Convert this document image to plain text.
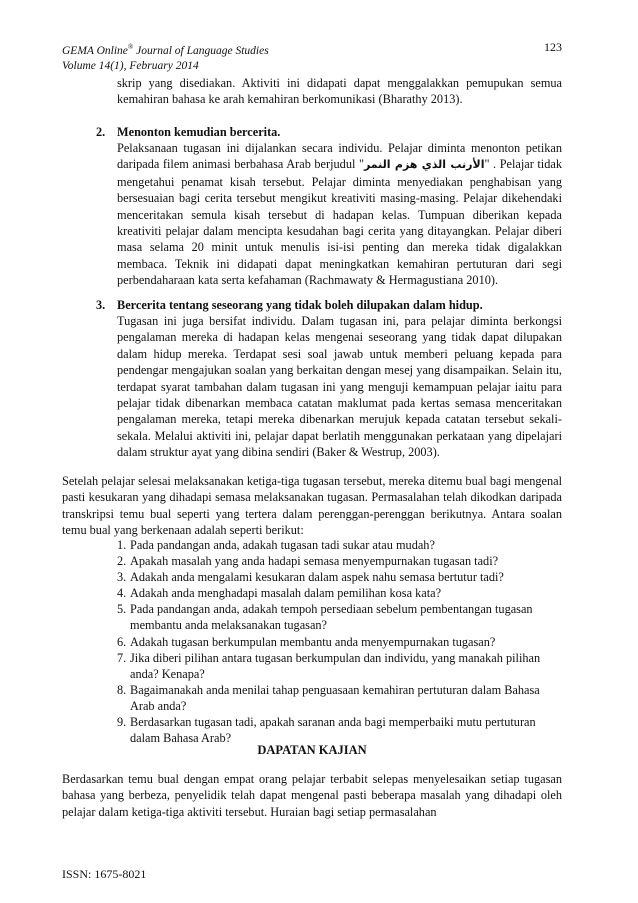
GEMA Online® Journal of Language Studies
Volume 14(1), February 2014
123

skrip yang disediakan. Aktiviti ini didapati dapat menggalakkan pemupukan semua kemahiran bahasa ke arah kemahiran berkomunikasi (Bharathy 2013).

2. Menonton kemudian bercerita.

Pelaksanaan tugasan ini dijalankan secara individu. Pelajar diminta menonton petikan daripada filem animasi berbahasa Arab berjudul "الأرنب الذي هزم النمر" . Pelajar tidak mengetahui penamat kisah tersebut. Pelajar diminta menyediakan penghabisan yang bersesuaian bagi cerita tersebut mengikut kreativiti masing-masing. Pelajar dikehendaki menceritakan semula kisah tersebut di hadapan kelas. Tumpuan diberikan kepada kreativiti pelajar dalam mencipta kesudahan bagi cerita yang ditayangkan. Pelajar diberi masa selama 20 minit untuk menulis isi-isi penting dan mereka tidak digalakkan membaca. Teknik ini didapati dapat meningkatkan kemahiran pertuturan dari segi perbendaharaan kata serta kefahaman (Rachmawaty & Hermagustiana 2010).

3. Bercerita tentang seseorang yang tidak boleh dilupakan dalam hidup.

Tugasan ini juga bersifat individu. Dalam tugasan ini, para pelajar diminta berkongsi pengalaman mereka di hadapan kelas mengenai seseorang yang tidak dapat dilupakan dalam hidup mereka. Terdapat sesi soal jawab untuk memberi peluang kepada para pendengar mengajukan soalan yang berkaitan dengan mesej yang disampaikan. Selain itu, terdapat syarat tambahan dalam tugasan ini yang menguji kemampuan pelajar iaitu para pelajar tidak dibenarkan membaca catatan maklumat pada kertas semasa menceritakan pengalaman mereka, tetapi mereka dibenarkan merujuk kepada catatan tersebut sekali-sekala. Melalui aktiviti ini, pelajar dapat berlatih menggunakan perkataan yang dipelajari dalam struktur ayat yang dibina sendiri (Baker & Westrup, 2003).

Setelah pelajar selesai melaksanakan ketiga-tiga tugasan tersebut, mereka ditemu bual bagi mengenal pasti kesukaran yang dihadapi semasa melaksanakan tugasan. Permasalahan telah dikodkan daripada transkripsi temu bual seperti yang tertera dalam perenggan-perenggan berikutnya. Antara soalan temu bual yang berkenaan adalah seperti berikut:

1. Pada pandangan anda, adakah tugasan tadi sukar atau mudah?
2. Apakah masalah yang anda hadapi semasa menyempurnakan tugasan tadi?
3. Adakah anda mengalami kesukaran dalam aspek nahu semasa bertutur tadi?
4. Adakah anda menghadapi masalah dalam pemilihan kosa kata?
5. Pada pandangan anda, adakah tempoh persediaan sebelum pembentangan tugasan membantu anda melaksanakan tugasan?
6. Adakah tugasan berkumpulan membantu anda menyempurnakan tugasan?
7. Jika diberi pilihan antara tugasan berkumpulan dan individu, yang manakah pilihan anda? Kenapa?
8. Bagaimanakah anda menilai tahap penguasaan kemahiran pertuturan dalam Bahasa Arab anda?
9. Berdasarkan tugasan tadi, apakah saranan anda bagi memperbaiki mutu pertuturan dalam Bahasa Arab?
DAPATAN KAJIAN

Berdasarkan temu bual dengan empat orang pelajar terbabit selepas menyelesaikan setiap tugasan bahasa yang berbeza, penyelidik telah dapat mengenal pasti beberapa masalah yang dihadapi oleh pelajar dalam ketiga-tiga aktiviti tersebut. Huraian bagi setiap permasalahan

ISSN: 1675-8021
